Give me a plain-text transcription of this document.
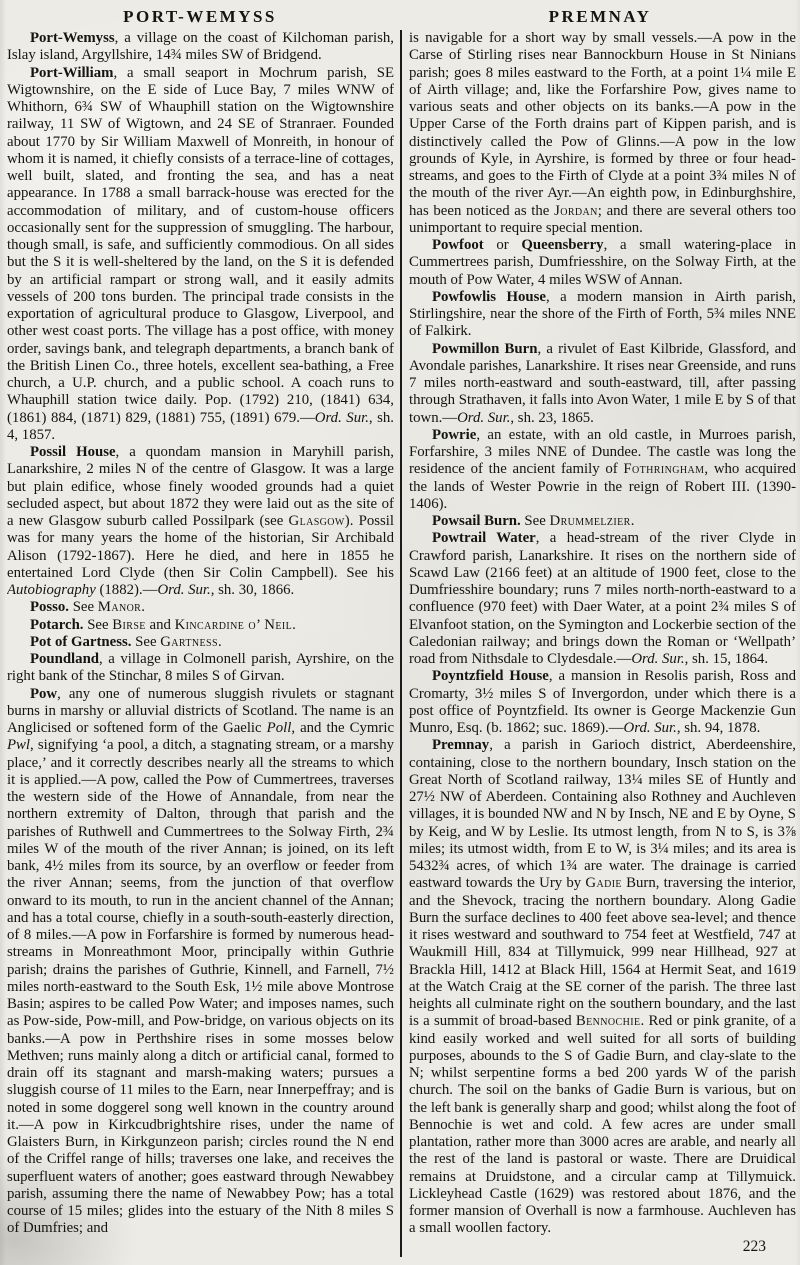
PORT-WEMYSS	PREMNAY

Port-Wemyss, a village on the coast of Kilchoman parish, Islay island, Argyllshire, 14¾ miles SW of Bridgend.

Port-William, a small seaport in Mochrum parish, SE Wigtownshire, on the E side of Luce Bay, 7 miles WNW of Whithorn, 6¾ SW of Whauphill station on the Wigtownshire railway, 11 SW of Wigtown, and 24 SE of Stranraer. Founded about 1770 by Sir William Maxwell of Monreith, in honour of whom it is named, it chiefly consists of a terrace-line of cottages, well built, slated, and fronting the sea, and has a neat appearance. In 1788 a small barrack-house was erected for the accommodation of military, and of custom-house officers occasionally sent for the suppression of smuggling. The harbour, though small, is safe, and sufficiently commodious. On all sides but the S it is well-sheltered by the land, on the S it is defended by an artificial rampart or strong wall, and it easily admits vessels of 200 tons burden. The principal trade consists in the exportation of agricultural produce to Glasgow, Liverpool, and other west coast ports. The village has a post office, with money order, savings bank, and telegraph departments, a branch bank of the British Linen Co., three hotels, excellent sea-bathing, a Free church, a U.P. church, and a public school. A coach runs to Whauphill station twice daily. Pop. (1792) 210, (1841) 634, (1861) 884, (1871) 829, (1881) 755, (1891) 679.—Ord. Sur., sh. 4, 1857.

Possil House, a quondam mansion in Maryhill parish, Lanarkshire, 2 miles N of the centre of Glasgow. It was a large but plain edifice, whose finely wooded grounds had a quiet secluded aspect, but about 1872 they were laid out as the site of a new Glasgow suburb called Possilpark (see Glasgow). Possil was for many years the home of the historian, Sir Archibald Alison (1792-1867). Here he died, and here in 1855 he entertained Lord Clyde (then Sir Colin Campbell). See his Autobiography (1882).—Ord. Sur., sh. 30, 1866.

Posso. See Manor.

Potarch. See Birse and Kincardine o’ Neil.

Pot of Gartness. See Gartness.

Poundland, a village in Colmonell parish, Ayrshire, on the right bank of the Stinchar, 8 miles S of Girvan.

Pow, any one of numerous sluggish rivulets or stagnant burns in marshy or alluvial districts of Scotland. The name is an Anglicised or softened form of the Gaelic Poll, and the Cymric Pwl, signifying ‘a pool, a ditch, a stagnating stream, or a marshy place,’ and it correctly describes nearly all the streams to which it is applied.—A pow, called the Pow of Cummertrees, traverses the western side of the Howe of Annandale, from near the northern extremity of Dalton, through that parish and the parishes of Ruthwell and Cummertrees to the Solway Firth, 2¾ miles W of the mouth of the river Annan; is joined, on its left bank, 4½ miles from its source, by an overflow or feeder from the river Annan; seems, from the junction of that overflow onward to its mouth, to run in the ancient channel of the Annan; and has a total course, chiefly in a south-south-easterly direction, of 8 miles.—A pow in Forfarshire is formed by numerous head-streams in Monreathmont Moor, principally within Guthrie parish; drains the parishes of Guthrie, Kinnell, and Farnell, 7½ miles north-eastward to the South Esk, 1½ mile above Montrose Basin; aspires to be called Pow Water; and imposes names, such as Pow-side, Pow-mill, and Pow-bridge, on various objects on its banks.—A pow in Perthshire rises in some mosses below Methven; runs mainly along a ditch or artificial canal, formed to drain off its stagnant and marsh-making waters; pursues a sluggish course of 11 miles to the Earn, near Innerpeffray; and is noted in some doggerel song well known in the country around it.—A pow in Kirkcudbrightshire rises, under the name of Glaisters Burn, in Kirkgunzeon parish; circles round the N end of the Criffel range of hills; traverses one lake, and receives the superfluent waters of another; goes eastward through Newabbey parish, assuming there the name of Newabbey Pow; has a total course of 15 miles; glides into the estuary of the Nith 8 miles S of Dumfries; and

is navigable for a short way by small vessels.—A pow in the Carse of Stirling rises near Bannockburn House in St Ninians parish; goes 8 miles eastward to the Forth, at a point 1¼ mile E of Airth village; and, like the Forfarshire Pow, gives name to various seats and other objects on its banks.—A pow in the Upper Carse of the Forth drains part of Kippen parish, and is distinctively called the Pow of Glinns.—A pow in the low grounds of Kyle, in Ayrshire, is formed by three or four head-streams, and goes to the Firth of Clyde at a point 3¾ miles N of the mouth of the river Ayr.—An eighth pow, in Edinburghshire, has been noticed as the Jordan; and there are several others too unimportant to require special mention.

Powfoot or Queensberry, a small watering-place in Cummertrees parish, Dumfriesshire, on the Solway Firth, at the mouth of Pow Water, 4 miles WSW of Annan.

Powfowlis House, a modern mansion in Airth parish, Stirlingshire, near the shore of the Firth of Forth, 5¾ miles NNE of Falkirk.

Powmillon Burn, a rivulet of East Kilbride, Glassford, and Avondale parishes, Lanarkshire. It rises near Greenside, and runs 7 miles north-eastward and south-eastward, till, after passing through Strathaven, it falls into Avon Water, 1 mile E by S of that town.—Ord. Sur., sh. 23, 1865.

Powrie, an estate, with an old castle, in Murroes parish, Forfarshire, 3 miles NNE of Dundee. The castle was long the residence of the ancient family of Fothringham, who acquired the lands of Wester Powrie in the reign of Robert III. (1390-1406).

Powsail Burn. See Drummelzier.

Powtrail Water, a head-stream of the river Clyde in Crawford parish, Lanarkshire. It rises on the northern side of Scawd Law (2166 feet) at an altitude of 1900 feet, close to the Dumfriesshire boundary; runs 7 miles north-north-eastward to a confluence (970 feet) with Daer Water, at a point 2¾ miles S of Elvanfoot station, on the Symington and Lockerbie section of the Caledonian railway; and brings down the Roman or ‘Wellpath’ road from Nithsdale to Clydesdale.—Ord. Sur., sh. 15, 1864.

Poyntzfield House, a mansion in Resolis parish, Ross and Cromarty, 3½ miles S of Invergordon, under which there is a post office of Poyntzfield. Its owner is George Mackenzie Gun Munro, Esq. (b. 1862; suc. 1869).—Ord. Sur., sh. 94, 1878.

Premnay, a parish in Garioch district, Aberdeenshire, containing, close to the northern boundary, Insch station on the Great North of Scotland railway, 13¼ miles SE of Huntly and 27½ NW of Aberdeen. Containing also Rothney and Auchleven villages, it is bounded NW and N by Insch, NE and E by Oyne, S by Keig, and W by Leslie. Its utmost length, from N to S, is 3⅞ miles; its utmost width, from E to W, is 3¼ miles; and its area is 5432¾ acres, of which 1¾ are water. The drainage is carried eastward towards the Ury by Gadie Burn, traversing the interior, and the Shevock, tracing the northern boundary. Along Gadie Burn the surface declines to 400 feet above sea-level; and thence it rises westward and southward to 754 feet at Westfield, 747 at Waukmill Hill, 834 at Tillymuick, 999 near Hillhead, 927 at Brackla Hill, 1412 at Black Hill, 1564 at Hermit Seat, and 1619 at the Watch Craig at the SE corner of the parish. The three last heights all culminate right on the southern boundary, and the last is a summit of broad-based Bennochie. Red or pink granite, of a kind easily worked and well suited for all sorts of building purposes, abounds to the S of Gadie Burn, and clay-slate to the N; whilst serpentine forms a bed 200 yards W of the parish church. The soil on the banks of Gadie Burn is various, but on the left bank is generally sharp and good; whilst along the foot of Bennochie is wet and cold. A few acres are under small plantation, rather more than 3000 acres are arable, and nearly all the rest of the land is pastoral or waste. There are Druidical remains at Druidstone, and a circular camp at Tillymuick. Lickleyhead Castle (1629) was restored about 1876, and the former mansion of Overhall is now a farmhouse. Auchleven has a small woollen factory.

223
